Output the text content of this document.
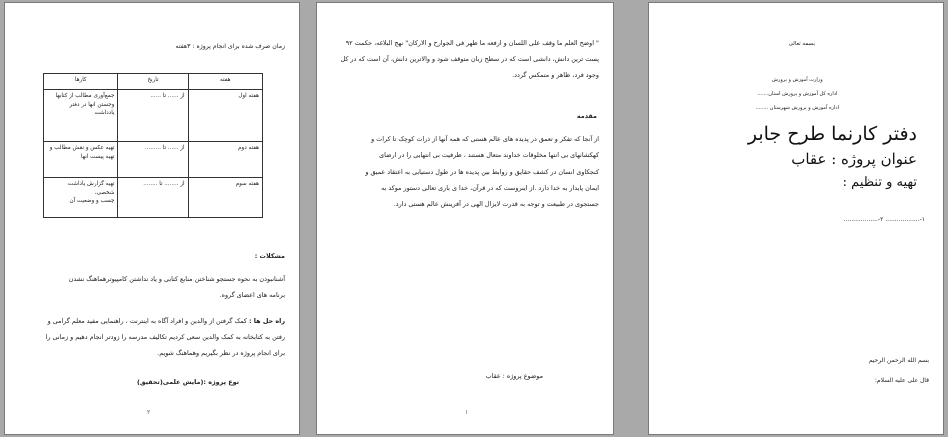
زمان صرف شده برای انجام پروژه : ۳هفته
هفته	تاریخ	کارها
هفته اول	از ...... تا ......	جمع‌آوری مطالب از کتابها
وجستن انها در دفتر
یادداشت

هفته دوم	از ...... تا .........	تهیه عکس و نقش مطالب و
تهیه پیست انها

هفته سوم	از ........ تا ........	تهیه گزارش یاداشت شخصی،
چسب و وضعیت آن
مشکلات :
آشنانبودن به نحوه جستجو شناختن منابع کتابی و یاد نداشتن کامپیوترهماهنگ نشدن
برنامه های اعضای گروه.
راه حل ها : کمک گرفتن از والدین و افراد آگاه به اینترنت ، راهنمایی مفید معلم گرامی و
رفتن به کتابخانه به کمک والدین سعی کردیم تکالیف مدرسه را زودتر انجام دهیم و زمانی را
برای انجام پروژه در نظر بگیریم وهماهنگ شویم.
نوع پروژه :(مایش علمی(تحقیق)
۲
" اوضح العلم ما وقف علی اللسان و ارفعه ما ظهر فی الجوارح و الارکان" نهج البلاغه، حکمت ۹۲
پست ترین دانش، دانشی است که در سطح زبان متوقف شود و والاترین دانش، آن است که در کل
وجود فرد، ظاهر و متمکس گردد.
مقدمه
از آنجا که تفکر و تعمق در پدیده های عالم هستی که همه آنها از ذرات کوچک تا کرات و
کهکشانهای بی انتها مخلوقات خداوند متعال هستند ، ظرفیت بی انتهایی را در ارضای
کنجکاوی انسان در کشف حقایق و روابط بین پدیده ها در طول دستیابی به اعتقاد عمیق و
ایمان پایدار به خدا دارد .از اینروست که در قرآن، خدا ی باری تعالی دستور موکد به
جستجوی در طبیعت و توجه به قدرت لایزال الهی در آفرینش عالم هستی دارد.
موضوع پروژه : عقاب
۱
بسمه تعالی
وزارت آموزش و پرورش
اداره کل آموزش و پرورش استان.......
اداره آموزش و پرورش شهرستان ........
دفتر کارنما طرح جابر
عنوان پروژه : عقاب
تهیه و تنظیم :
۱-.................. ۲-..................
بسم الله الرحمن الرحیم
قال علی علیه السلام:
